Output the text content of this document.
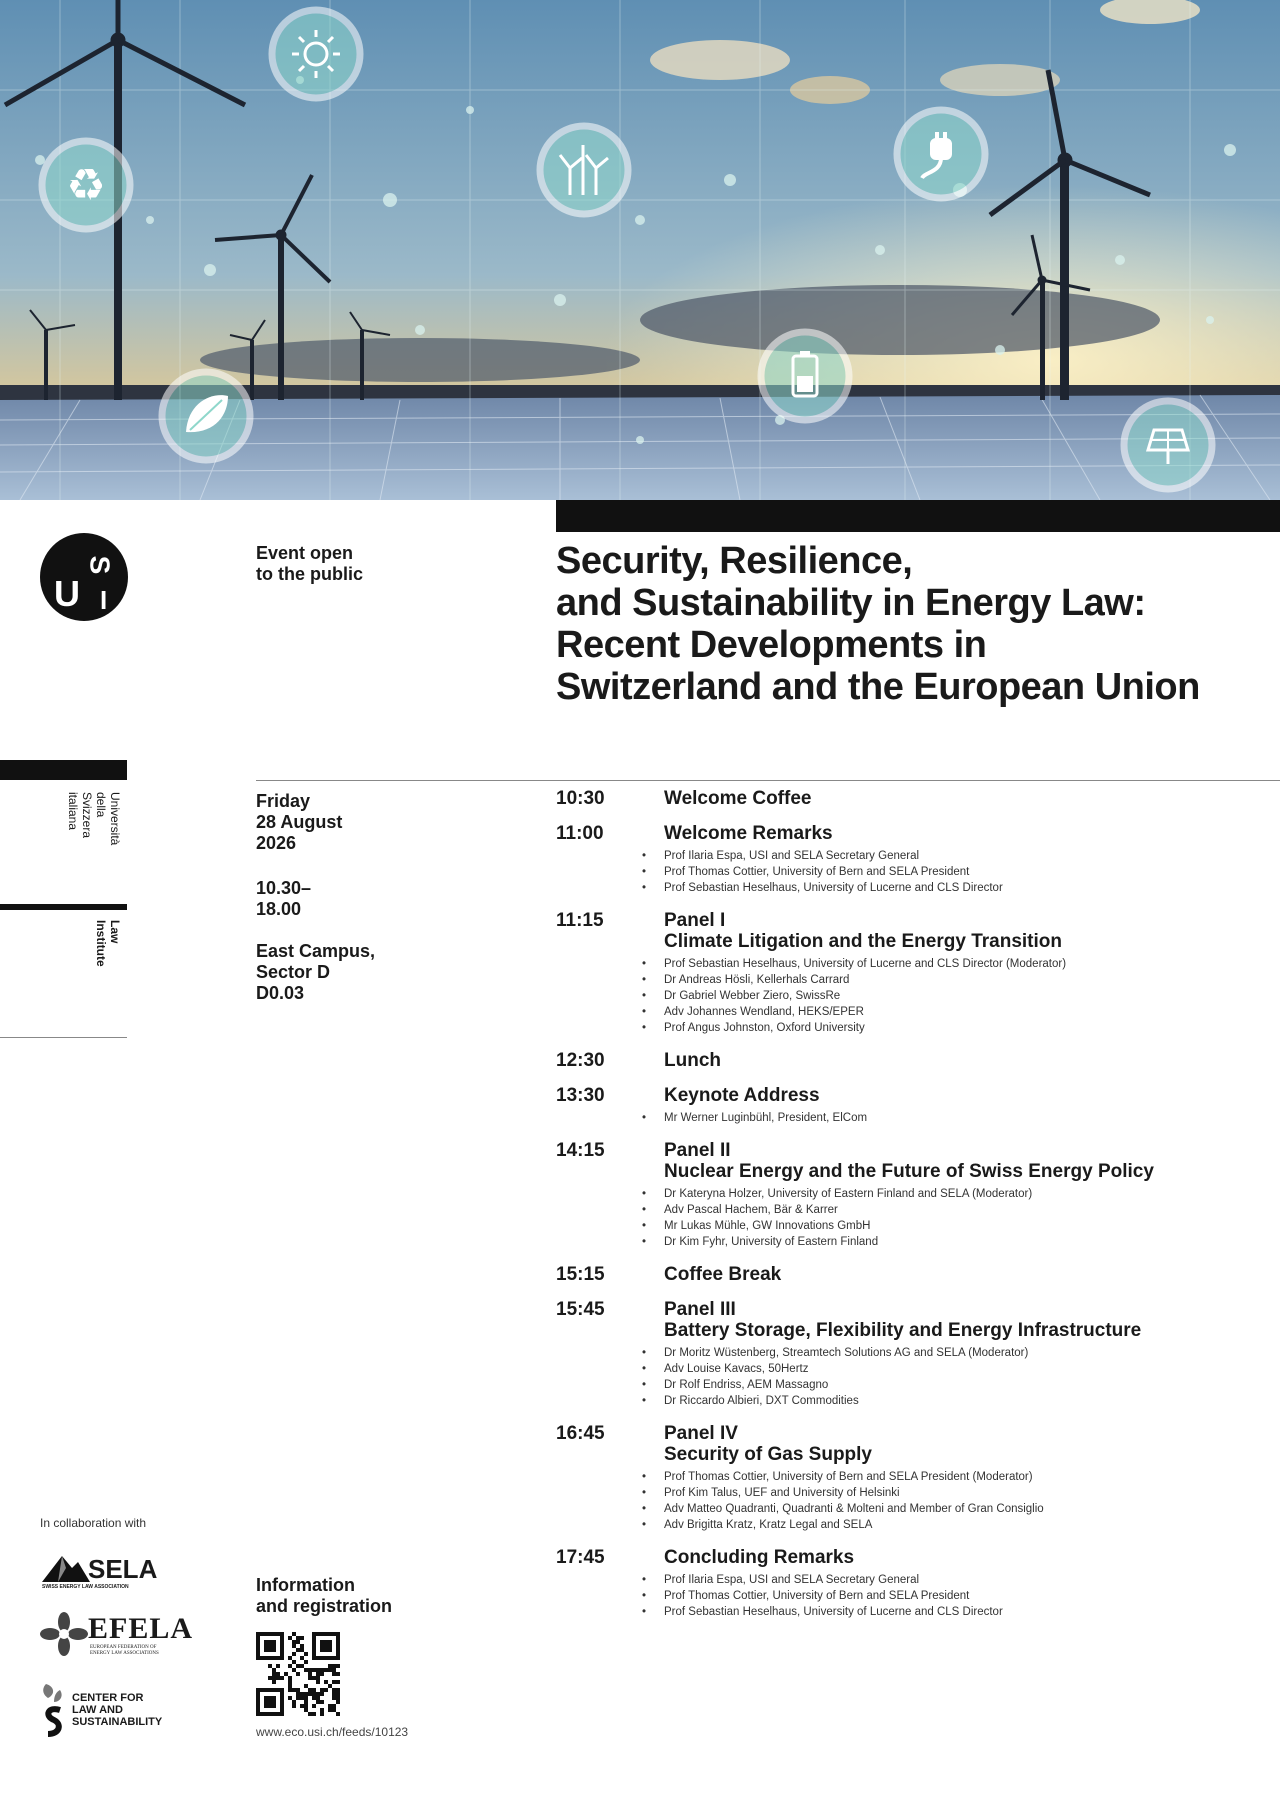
♻
U
S
I
Università
della
Svizzera
italiana
Law
Institute
Event open
to the public	Security, Resilience,
and Sustainability in Energy Law:
Recent Developments in
Switzerland and the European Union
Friday
28 August
2026
10.30–
18.00
East Campus,
Sector D
D0.03
10:30	Welcome Coffee
11:00	Welcome Remarks
• Prof Ilaria Espa, USI and SELA Secretary General
• Prof Thomas Cottier, University of Bern and SELA President
• Prof Sebastian Heselhaus, University of Lucerne and CLS Director
11:15	Panel I
Climate Litigation and the Energy Transition
• Prof Sebastian Heselhaus, University of Lucerne and CLS Director (Moderator)
• Dr Andreas Hösli, Kellerhals Carrard
• Dr Gabriel Webber Ziero, SwissRe
• Adv Johannes Wendland, HEKS/EPER
• Prof Angus Johnston, Oxford University
12:30	Lunch
13:30	Keynote Address
• Mr Werner Luginbühl, President, ElCom
14:15	Panel II
Nuclear Energy and the Future of Swiss Energy Policy
• Dr Kateryna Holzer, University of Eastern Finland and SELA (Moderator)
• Adv Pascal Hachem, Bär & Karrer
• Mr Lukas Mühle, GW Innovations GmbH
• Dr Kim Fyhr, University of Eastern Finland
15:15	Coffee Break
15:45	Panel III
Battery Storage, Flexibility and Energy Infrastructure
• Dr Moritz Wüstenberg, Streamtech Solutions AG and SELA (Moderator)
• Adv Louise Kavacs, 50Hertz
• Dr Rolf Endriss, AEM Massagno
• Dr Riccardo Albieri, DXT Commodities
16:45	Panel IV
Security of Gas Supply
• Prof Thomas Cottier, University of Bern and SELA President (Moderator)
• Prof Kim Talus, UEF and University of Helsinki
• Adv Matteo Quadranti, Quadranti & Molteni and Member of Gran Consiglio
• Adv Brigitta Kratz, Kratz Legal and SELA
17:45	Concluding Remarks
• Prof Ilaria Espa, USI and SELA Secretary General
• Prof Thomas Cottier, University of Bern and SELA President
• Prof Sebastian Heselhaus, University of Lucerne and CLS Director
In collaboration with
SELA
SWISS ENERGY LAW ASSOCIATION
EFELA
EUROPEAN FEDERATION OF ENERGY LAW ASSOCIATIONS
CENTER FOR
LAW AND
SUSTAINABILITY
Information
and registration
www.eco.usi.ch/feeds/10123
